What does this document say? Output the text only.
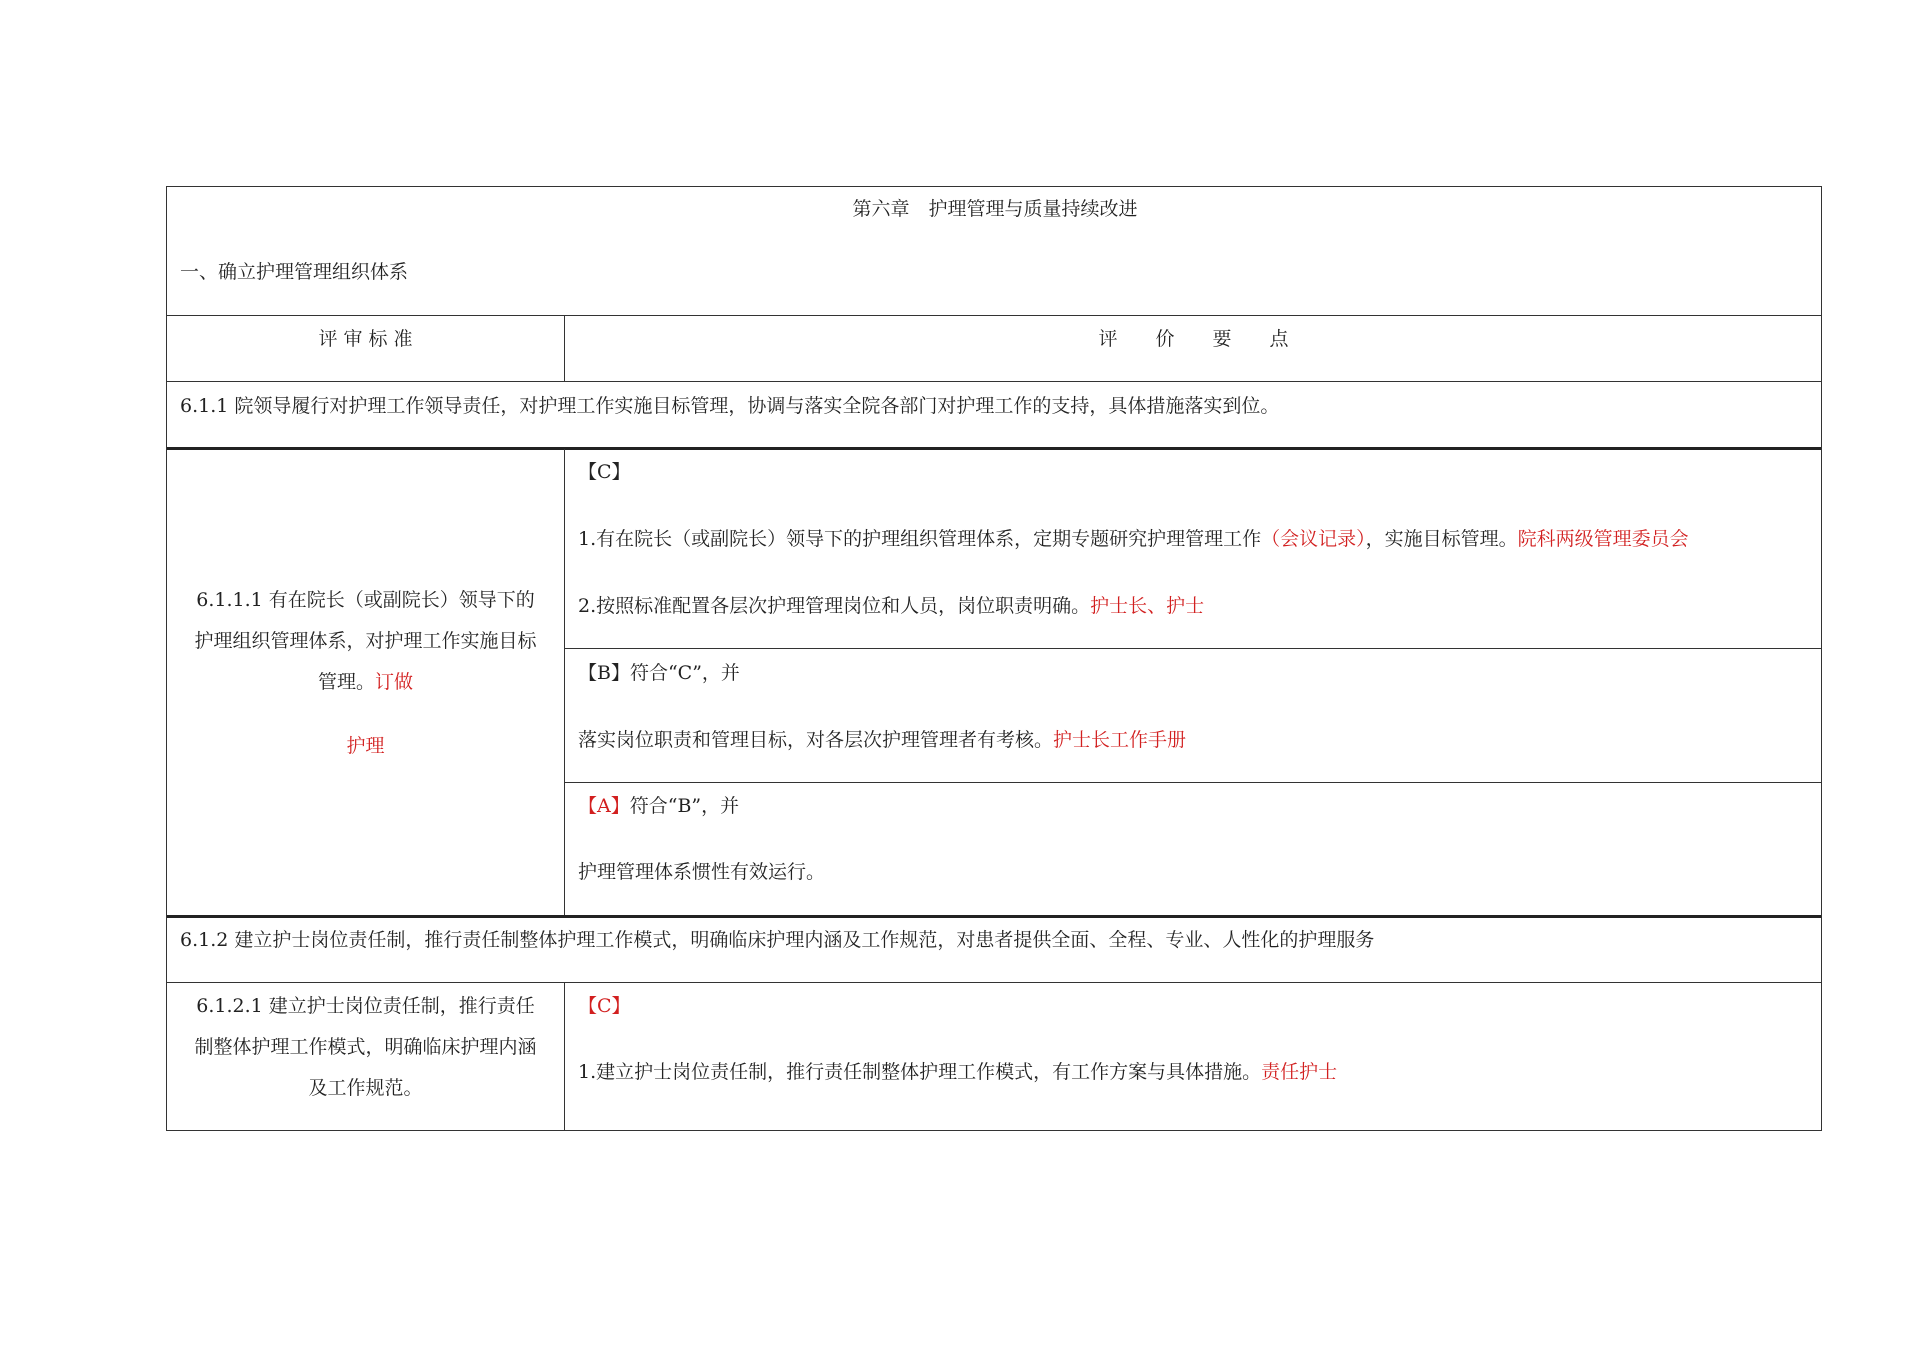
第六章　护理管理与质量持续改进
一、确立护理管理组织体系
评 审 标 准	评　　价　　要　　点
6.1.1 院领导履行对护理工作领导责任，对护理工作实施目标管理，协调与落实全院各部门对护理工作的支持，具体措施落实到位。
6.1.1.1 有在院长（或副院长）领导下的
护理组织管理体系，对护理工作实施目标
管理。订做
护理
【C】
1.有在院长（或副院长）领导下的护理组织管理体系，定期专题研究护理管理工作（会议记录），实施目标管理。院科两级管理委员会
2.按照标准配置各层次护理管理岗位和人员，岗位职责明确。护士长、护士
【B】符合“C”，并
落实岗位职责和管理目标，对各层次护理管理者有考核。护士长工作手册
【A】符合“B”，并
护理管理体系惯性有效运行。
6.1.2 建立护士岗位责任制，推行责任制整体护理工作模式，明确临床护理内涵及工作规范，对患者提供全面、全程、专业、人性化的护理服务
6.1.2.1 建立护士岗位责任制，推行责任
制整体护理工作模式，明确临床护理内涵
及工作规范。
【C】
1.建立护士岗位责任制，推行责任制整体护理工作模式，有工作方案与具体措施。责任护士
